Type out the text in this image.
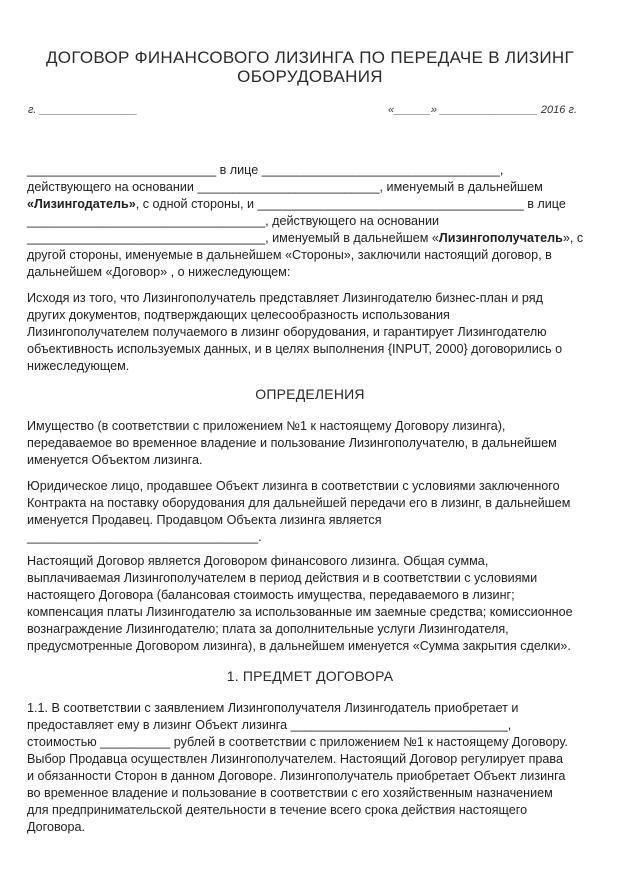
ДОГОВОР ФИНАНСОВОГО ЛИЗИНГА ПО ПЕРЕДАЧЕ В ЛИЗИНГ
ОБОРУДОВАНИЯ
г. ________________	«______» ________________ 2016 г.
___________________________ в лице __________________________________,
действующего на основании __________________________, именуемый в дальнейшем
«Лизингодатель», с одной стороны, и ______________________________________ в лице
__________________________________, действующего на основании
__________________________________, именуемый в дальнейшем «Лизингополучатель», с
другой стороны, именуемые в дальнейшем «Стороны», заключили настоящий договор, в
дальнейшем «Договор» , о нижеследующем:
Исходя из того, что Лизингополучатель представляет Лизингодателю бизнес-план и ряд
других документов, подтверждающих целесообразность использования
Лизингополучателем получаемого в лизинг оборудования, и гарантирует Лизингодателю
объективность используемых данных, и в целях выполнения {INPUT, 2000} договорились о
нижеследующем.
ОПРЕДЕЛЕНИЯ
Имущество (в соответствии с приложением №1 к настоящему Договору лизинга),
передаваемое во временное владение и пользование Лизингополучателю, в дальнейшем
именуется Объектом лизинга.
Юридическое лицо, продавшее Объект лизинга в соответствии с условиями заключенного
Контракта на поставку оборудования для дальнейшей передачи его в лизинг, в дальнейшем
именуется Продавец. Продавцом Объекта лизинга является
_________________________________.
Настоящий Договор является Договором финансового лизинга. Общая сумма,
выплачиваемая Лизингополучателем в период действия и в соответствии с условиями
настоящего Договора (балансовая стоимость имущества, передаваемого в лизинг;
компенсация платы Лизингодателю за использованные им заемные средства; комиссионное
вознаграждение Лизингодателю; плата за дополнительные услуги Лизингодателя,
предусмотренные Договором лизинга), в дальнейшем именуется «Сумма закрытия сделки».
1. ПРЕДМЕТ ДОГОВОРА
1.1. В соответствии с заявлением Лизингополучателя Лизингодатель приобретает и
предоставляет ему в лизинг Объект лизинга _______________________________,
стоимостью __________ рублей в соответствии с приложением №1 к настоящему Договору.
Выбор Продавца осуществлен Лизингополучателем. Настоящий Договор регулирует права
и обязанности Сторон в данном Договоре. Лизингополучатель приобретает Объект лизинга
во временное владение и пользование в соответствии с его хозяйственным назначением
для предпринимательской деятельности в течение всего срока действия настоящего
Договора.
